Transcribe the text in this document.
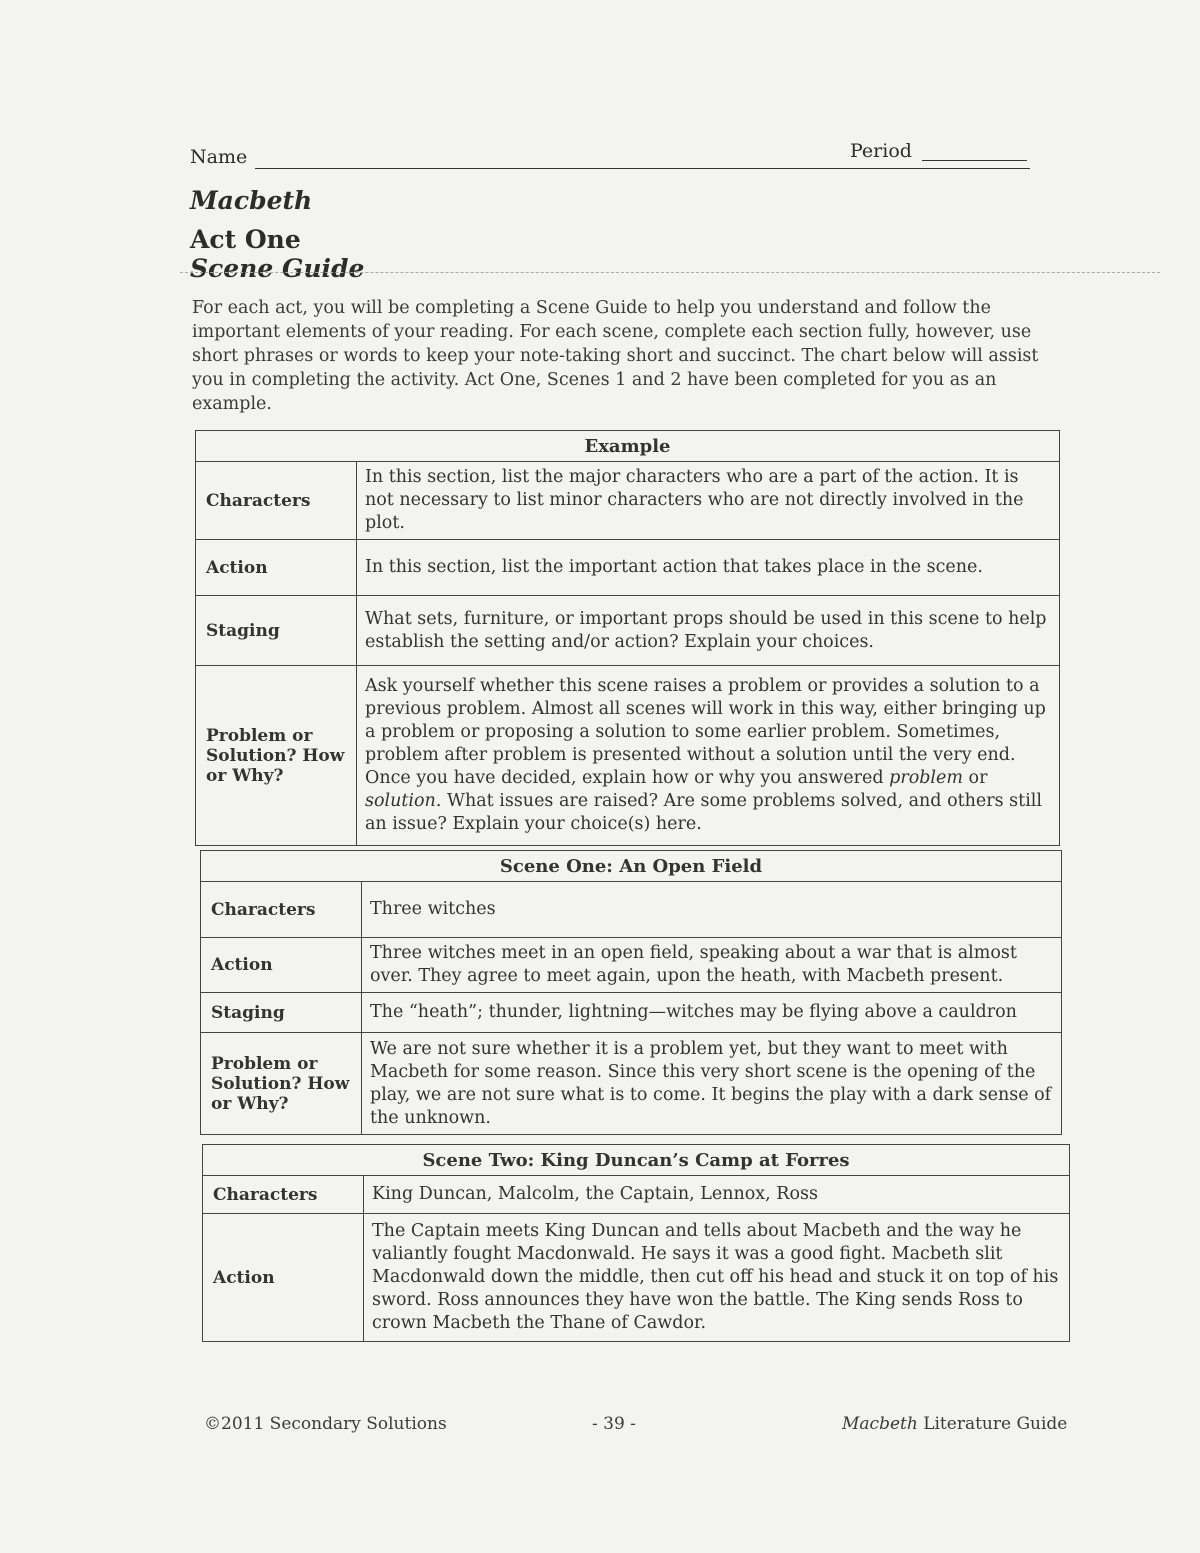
Name	Period
Macbeth
Act One
Scene Guide
For each act, you will be completing a Scene Guide to help you understand and follow the important elements of your reading. For each scene, complete each section fully, however, use short phrases or words to keep your note-taking short and succinct. The chart below will assist you in completing the activity. Act One, Scenes 1 and 2 have been completed for you as an example.
Example	
Characters	In this section, list the major characters who are a part of the action. It is not necessary to list minor characters who are not directly involved in the plot.
Action	In this section, list the important action that takes place in the scene.
Staging	What sets, furniture, or important props should be used in this scene to help establish the setting and/or action? Explain your choices.
Problem or Solution? How or Why?	Ask yourself whether this scene raises a problem or provides a solution to a previous problem. Almost all scenes will work in this way, either bringing up a problem or proposing a solution to some earlier problem. Sometimes, problem after problem is presented without a solution until the very end. Once you have decided, explain how or why you answered problem or solution. What issues are raised? Are some problems solved, and others still an issue? Explain your choice(s) here.
Scene One: An Open Field	
Characters	Three witches
Action	Three witches meet in an open field, speaking about a war that is almost over. They agree to meet again, upon the heath, with Macbeth present.
Staging	The “heath”; thunder, lightning—witches may be flying above a cauldron
Problem or Solution? How or Why?	We are not sure whether it is a problem yet, but they want to meet with Macbeth for some reason. Since this very short scene is the opening of the play, we are not sure what is to come. It begins the play with a dark sense of the unknown.
Scene Two: King Duncan’s Camp at Forres	
Characters	King Duncan, Malcolm, the Captain, Lennox, Ross
Action	The Captain meets King Duncan and tells about Macbeth and the way he valiantly fought Macdonwald. He says it was a good fight. Macbeth slit Macdonwald down the middle, then cut off his head and stuck it on top of his sword. Ross announces they have won the battle. The King sends Ross to crown Macbeth the Thane of Cawdor.
©2011 Secondary Solutions	- 39 -	Macbeth Literature Guide
